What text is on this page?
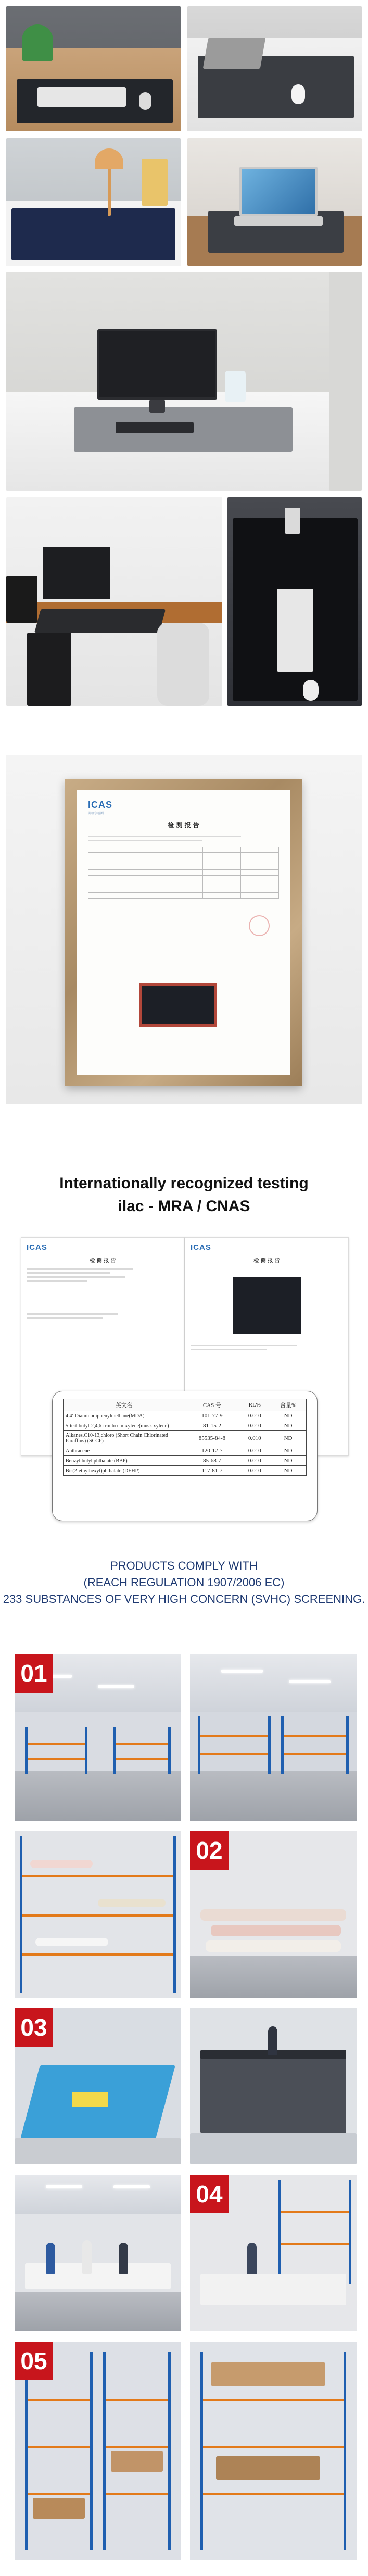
ICAS
英格尔检测
检 测 报 告

Internationally recognized testing
ilac - MRA / CNAS
ICAS
检 测 报 告
ICAS
检 测 报 告
英文名	CAS 号	RL%	含量%
4,4'-Diaminodiphenylmethane(MDA)	101-77-9	0.010	ND
5-tert-butyl-2,4,6-trinitro-m-xylene(musk xylene)	81-15-2	0.010	ND
Alkanes,C10-13,chloro (Short Chain Chlorinated Paraffins) (SCCP)	85535-84-8	0.010	ND
Anthracene	120-12-7	0.010	ND
Benzyl butyl phthalate (BBP)	85-68-7	0.010	ND
Bis(2-ethylhexyl)phthalate (DEHP)	117-81-7	0.010	ND
PRODUCTS COMPLY WITH
(REACH REGULATION 1907/2006 EC)
233 SUBSTANCES OF VERY HIGH CONCERN (SVHC) SCREENING.
01
02
03
04
05
